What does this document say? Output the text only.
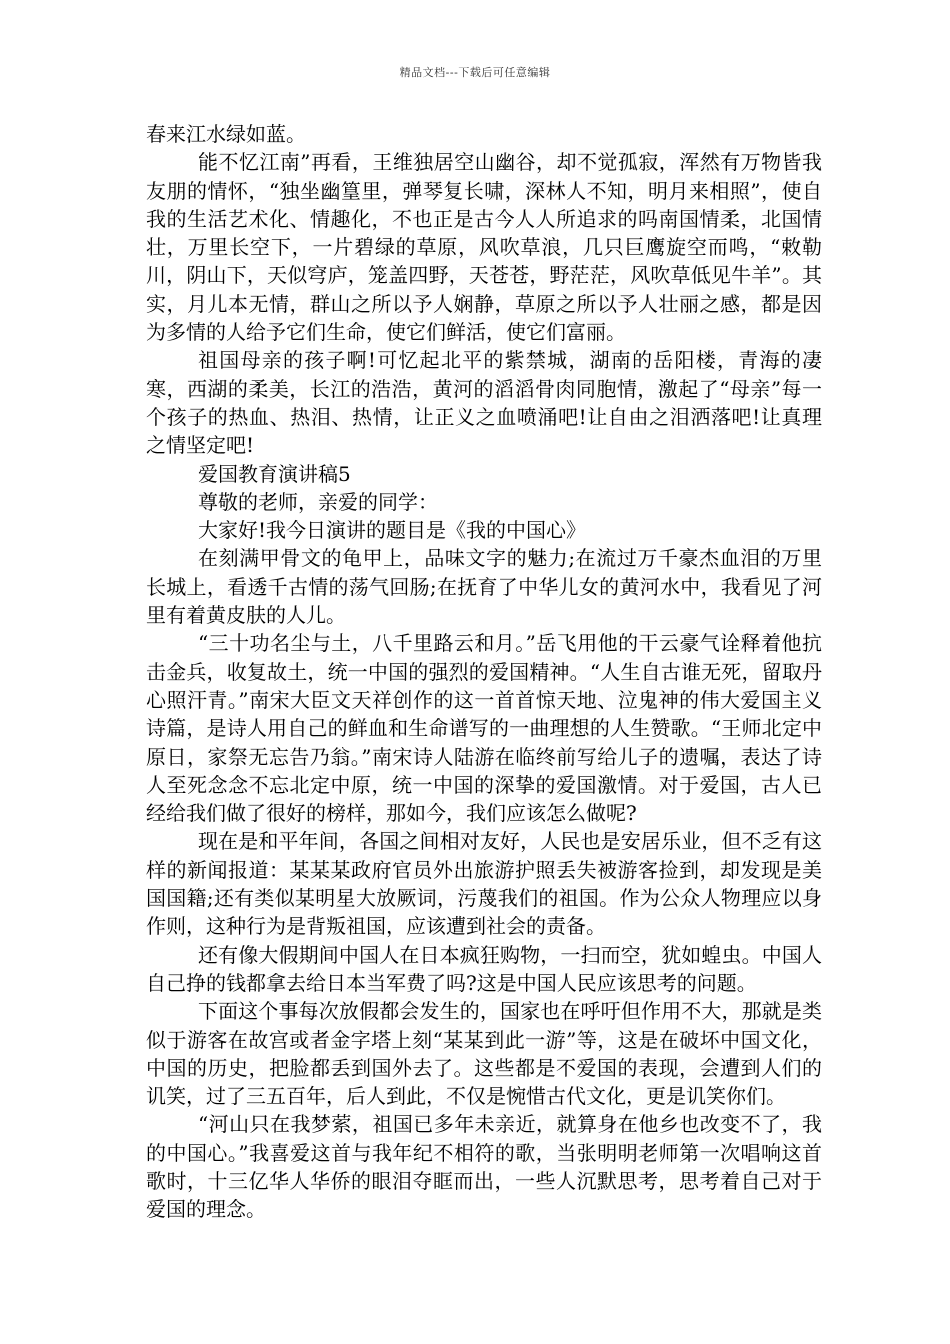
精品文档---下载后可任意编辑

春来江水绿如蓝。

能不忆江南”再看，王维独居空山幽谷，却不觉孤寂，浑然有万物皆我友朋的情怀，“独坐幽篁里，弹琴复长啸，深林人不知，明月来相照”，使自我的生活艺术化、情趣化，不也正是古今人人所追求的吗南国情柔，北国情壮，万里长空下，一片碧绿的草原，风吹草浪，几只巨鹰旋空而鸣，“敕勒川，阴山下，天似穹庐，笼盖四野，天苍苍，野茫茫，风吹草低见牛羊”。其实，月儿本无情，群山之所以予人娴静，草原之所以予人壮丽之感，都是因为多情的人给予它们生命，使它们鲜活，使它们富丽。

祖国母亲的孩子啊!可忆起北平的紫禁城，湖南的岳阳楼，青海的凄寒，西湖的柔美，长江的浩浩，黄河的滔滔骨肉同胞情，激起了“母亲”每一个孩子的热血、热泪、热情，让正义之血喷涌吧!让自由之泪洒落吧!让真理之情坚定吧!

爱国教育演讲稿5

尊敬的老师，亲爱的同学：

大家好!我今日演讲的题目是《我的中国心》

在刻满甲骨文的龟甲上，品味文字的魅力;在流过万千豪杰血泪的万里长城上，看透千古情的荡气回肠;在抚育了中华儿女的黄河水中，我看见了河里有着黄皮肤的人儿。

“三十功名尘与土，八千里路云和月。”岳飞用他的干云豪气诠释着他抗击金兵，收复故土，统一中国的强烈的爱国精神。“人生自古谁无死，留取丹心照汗青。”南宋大臣文天祥创作的这一首首惊天地、泣鬼神的伟大爱国主义诗篇，是诗人用自己的鲜血和生命谱写的一曲理想的人生赞歌。“王师北定中原日，家祭无忘告乃翁。”南宋诗人陆游在临终前写给儿子的遗嘱，表达了诗人至死念念不忘北定中原，统一中国的深挚的爱国激情。对于爱国，古人已经给我们做了很好的榜样，那如今，我们应该怎么做呢?

现在是和平年间，各国之间相对友好，人民也是安居乐业，但不乏有这样的新闻报道：某某某政府官员外出旅游护照丢失被游客捡到，却发现是美国国籍;还有类似某明星大放厥词，污蔑我们的祖国。作为公众人物理应以身作则，这种行为是背叛祖国，应该遭到社会的责备。

还有像大假期间中国人在日本疯狂购物，一扫而空，犹如蝗虫。中国人自己挣的钱都拿去给日本当军费了吗?这是中国人民应该思考的问题。

下面这个事每次放假都会发生的，国家也在呼吁但作用不大，那就是类似于游客在故宫或者金字塔上刻“某某到此一游”等，这是在破坏中国文化，中国的历史，把脸都丢到国外去了。这些都是不爱国的表现，会遭到人们的讥笑，过了三五百年，后人到此，不仅是惋惜古代文化，更是讥笑你们。

“河山只在我梦萦，祖国已多年未亲近，就算身在他乡也改变不了，我的中国心。”我喜爱这首与我年纪不相符的歌，当张明明老师第一次唱响这首歌时，十三亿华人华侨的眼泪夺眶而出，一些人沉默思考，思考着自己对于爱国的理念。
